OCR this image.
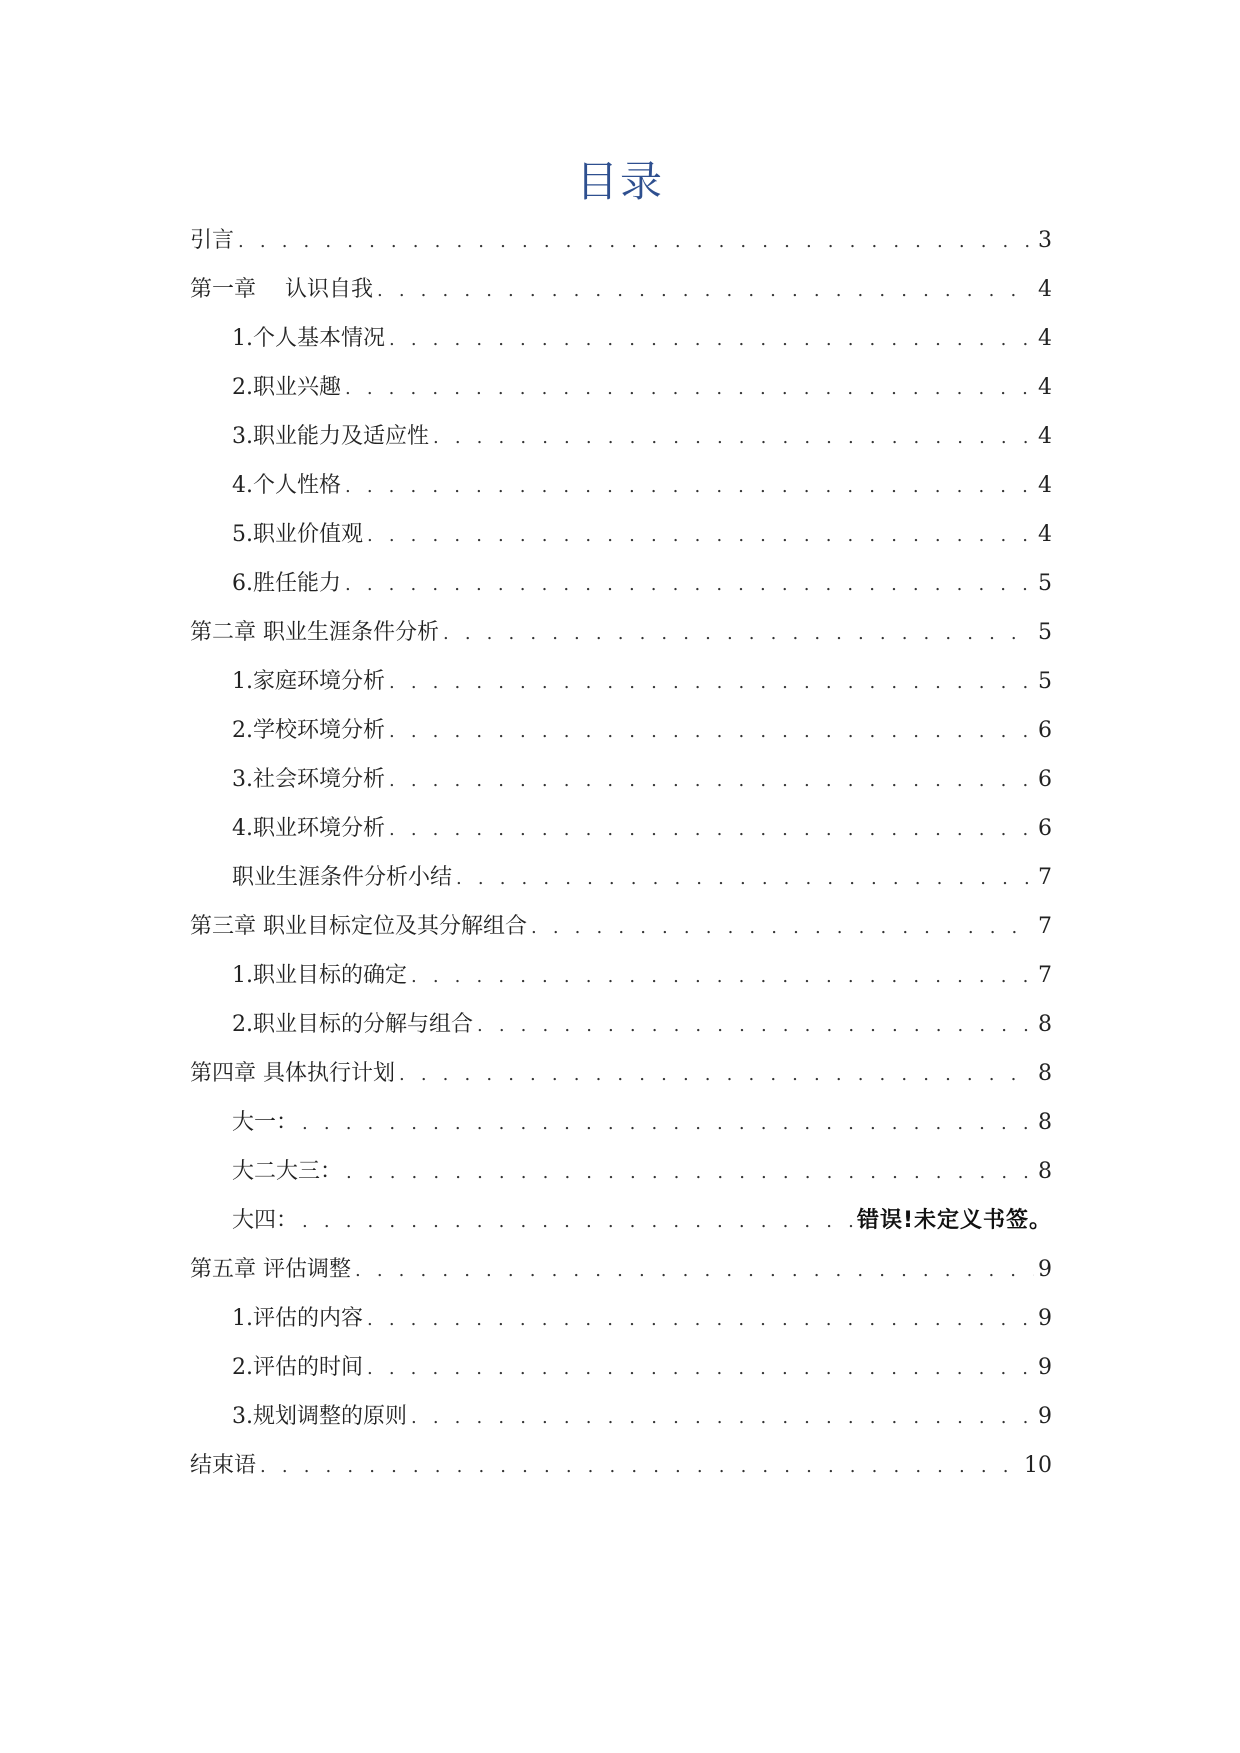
目录
引言 . . .	3
第一章 　认识自我 . . .	4
1.个人基本情况 . . .	4
2.职业兴趣 . . .	4
3.职业能力及适应性 . . .	4
4.个人性格 . . .	4
5.职业价值观 . . .	4
6.胜任能力 . . .	5
第二章 职业生涯条件分析 . . .	5
1.家庭环境分析 . . .	5
2.学校环境分析 . . .	6
3.社会环境分析 . . .	6
4.职业环境分析 . . .	6
职业生涯条件分析小结 . . .	7
第三章 职业目标定位及其分解组合 . . .	7
1.职业目标的确定 . . .	7
2.职业目标的分解与组合 . . .	8
第四章 具体执行计划 . . .	8
大一： . . .	8
大二大三： . . .	8
大四： . . .	错误!未定义书签。
第五章 评估调整 . . .	9
1.评估的内容 . . .	9
2.评估的时间 . . .	9
3.规划调整的原则 . . .	9
结束语 . . .	10
